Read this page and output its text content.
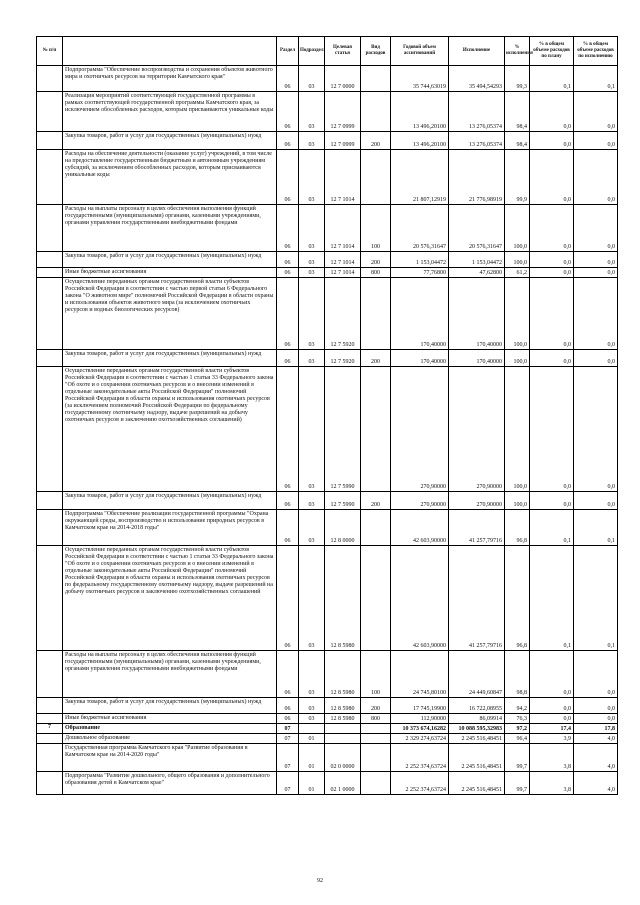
№ п/п		Раздел	Подраздел	Целевая статья	Вид расходов	Годовой объем ассигнований	Исполнение	% исполнения	% в общем объеме расходов по плану	% в общем объеме расходов по исполнению
	Подпрограмма "Обеспечение воспроизводства и сохранения объектов животного мира и охотничьих ресурсов на территории Камчатского края"	06	03	12 7 0000		35 744,63019	35 494,54293	99,3	0,1	0,1
	Реализация мероприятий соответствующей государственной программы в рамках соответствующей государственной программы Камчатского края, за исключением обособленных расходов, которым присваиваются уникальные коды	06	03	12 7 0999		13 496,20100	13 276,05374	98,4	0,0	0,0
	Закупка товаров, работ и услуг для государственных (муниципальных) нужд	06	03	12 7 0999	200	13 496,20100	13 276,05374	98,4	0,0	0,0
	Расходы на обеспечение деятельности (оказание услуг) учреждений, в том числе на предоставление государственным бюджетным и автономным учреждениям субсидий, за исключением обособленных расходов, которым присваиваются уникальные коды	06	03	12 7 1014		21 807,12919	21 776,98919	99,9	0,0	0,0
	Расходы на выплаты персоналу в целях обеспечения выполнения функций государственными (муниципальными) органами, казенными учреждениями, органами управления государственными внебюджетными фондами	06	03	12 7 1014	100	20 576,31647	20 576,31647	100,0	0,0	0,0
	Закупка товаров, работ и услуг для государственных (муниципальных) нужд	06	03	12 7 1014	200	1 153,04472	1 153,04472	100,0	0,0	0,0
	Иные бюджетные ассигнования	06	03	12 7 1014	800	77,76800	47,62800	61,2	0,0	0,0
	Осуществление переданных органам государственной власти субъектов Российской Федерации в соответствии с частью первой статьи 6 Федерального закона "О животном мире" полномочий Российской Федерации в области охраны и использования объектов животного мира (за исключением охотничьих ресурсов и водных биологических ресурсов)	06	03	12 7 5920		170,40000	170,40000	100,0	0,0	0,0
	Закупка товаров, работ и услуг для государственных (муниципальных) нужд	06	03	12 7 5920	200	170,40000	170,40000	100,0	0,0	0,0
	Осуществление переданных органам государственной власти субъектов Российской Федерации в соответствии с частью 1 статьи 33 Федерального закона "Об охоте и о сохранении охотничьих ресурсов и о внесении изменений в отдельные законодательные акты Российской Федерации" полномочий Российской Федерации в области охраны и использования охотничьих ресурсов (за исключением полномочий Российской Федерации по федеральному государственному охотничьему надзору, выдаче разрешений на добычу охотничьих ресурсов и заключению охотхозяйственных соглашений)	06	03	12 7 5990		270,90000	270,90000	100,0	0,0	0,0
	Закупка товаров, работ и услуг для государственных (муниципальных) нужд	06	03	12 7 5990	200	270,90000	270,90000	100,0	0,0	0,0
	Подпрограмма "Обеспечение реализации государственной программы "Охрана окружающей среды, воспроизводство и использование природных ресурсов в Камчатском крае на 2014-2018 годы"	06	03	12 8 0000		42 603,90000	41 257,79716	96,8	0,1	0,1
	Осуществление переданных органам государственной власти субъектов Российской Федерации в соответствии с частью 1 статьи 33 Федерального закона "Об охоте и о сохранении охотничьих ресурсов и о внесении изменений в отдельные законодательные акты Российской Федерации" полномочий Российской Федерации в области охраны и использования охотничьих ресурсов по федеральному государственному охотничьему надзору, выдаче разрешений на добычу охотничьих ресурсов и заключению охотхозяйственных соглашений	06	03	12 8 5980		42 603,90000	41 257,79716	96,8	0,1	0,1
	Расходы на выплаты персоналу в целях обеспечения выполнения функций государственными (муниципальными) органами, казенными учреждениями, органами управления государственными внебюджетными фондами	06	03	12 8 5980	100	24 745,80100	24 449,60847	98,8	0,0	0,0
	Закупка товаров, работ и услуг для государственных (муниципальных) нужд	06	03	12 8 5980	200	17 745,19900	16 722,08955	94,2	0,0	0,0
	Иные бюджетные ассигнования	06	03	12 8 5980	800	112,90000	86,09914	76,3	0,0	0,0
7	Образование	07				10 373 674,16282	10 088 595,32983	97,2	17,4	17,8
	Дошкольное образование	07	01			2 329 274,63724	2 245 516,48451	96,4	3,9	4,0
	Государственная программа Камчатского края "Развитие образования в Камчатском крае на 2014-2020 годы"	07	01	02 0 0000		2 252 374,63724	2 245 516,48451	99,7	3,8	4,0
	Подпрограмма "Развитие дошкольного, общего образования и дополнительного образования детей в Камчатском крае"	07	01	02 1 0000		2 252 374,63724	2 245 516,48451	99,7	3,8	4,0
92
